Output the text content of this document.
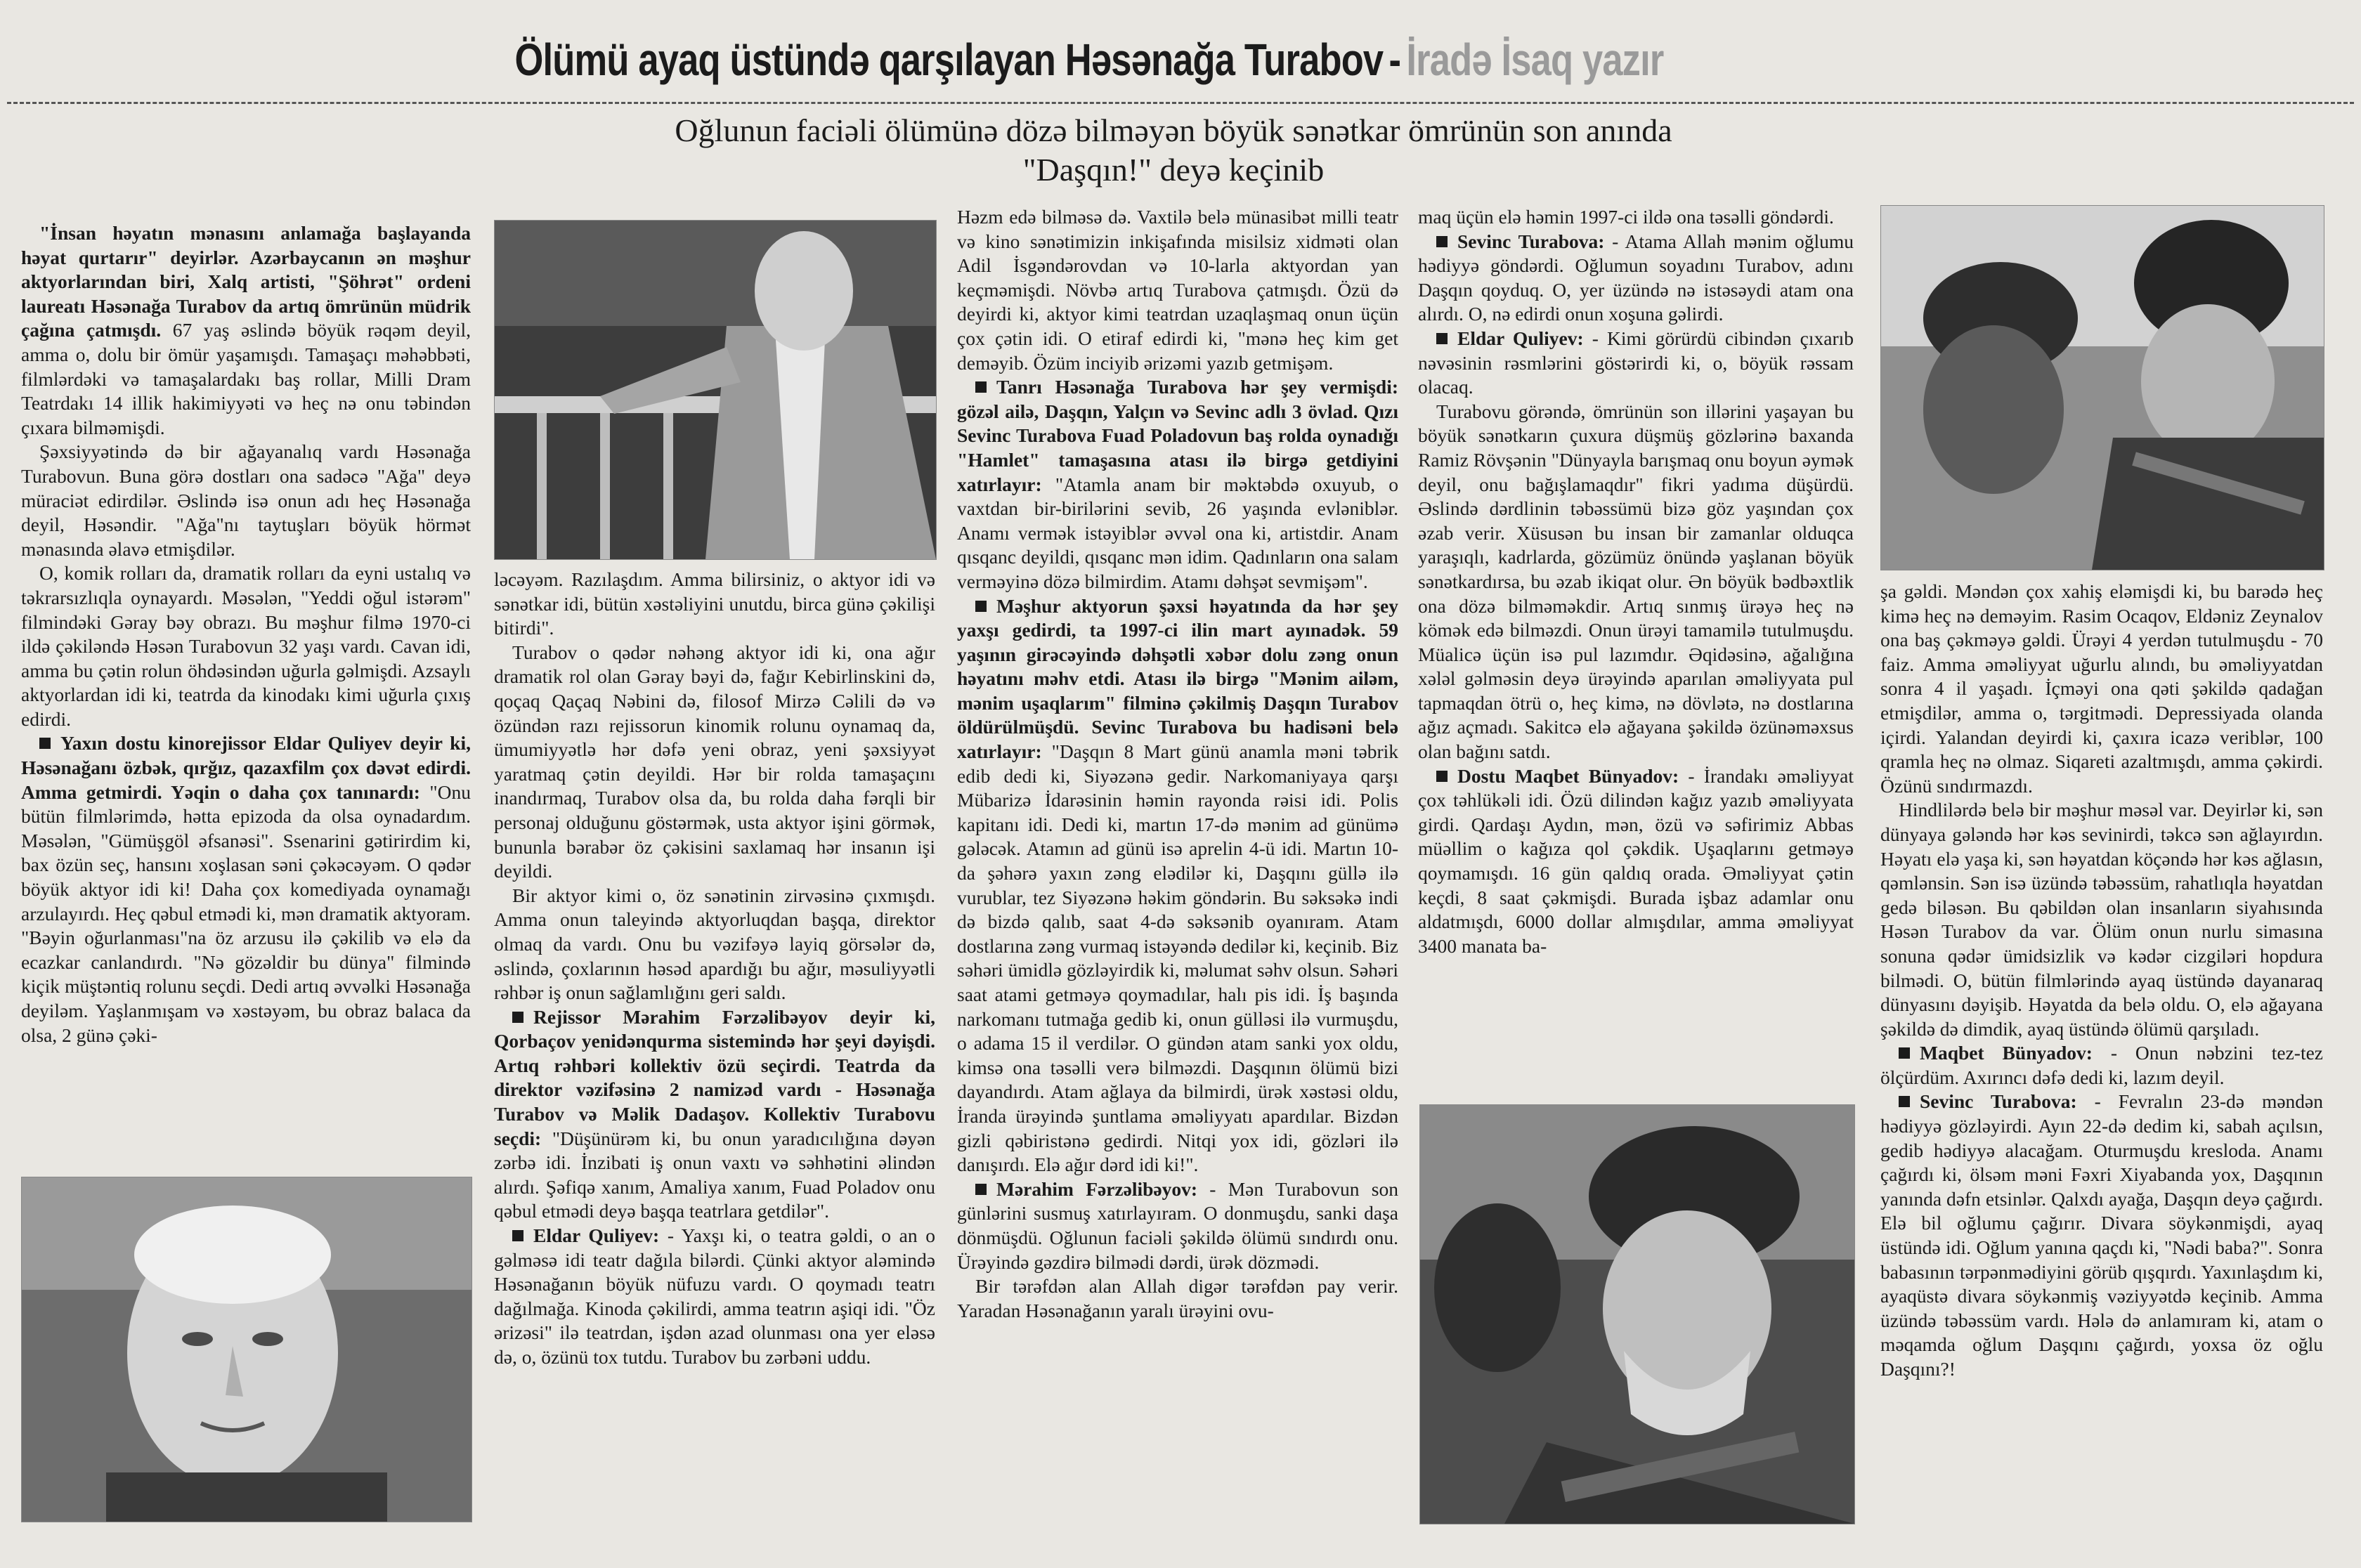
Ölümü ayaq üstündə qarşılayan Həsənağa Turabov - İradə İsaq yazır
Oğlunun faciəli ölümünə dözə bilməyən böyük sənətkar ömrünün son anında
"Daşqın!" deyə keçinib

"İnsan həyatın mənasını anlamağa başlayanda həyat qurtarır" deyirlər. Azərbaycanın ən məşhur aktyorlarından biri, Xalq artisti, "Şöhrət" ordeni laureatı Həsənağa Turabov da artıq ömrünün müdrik çağına çatmışdı. 67 yaş əslində böyük rəqəm deyil, amma o, dolu bir ömür yaşamışdı. Tamaşaçı məhəbbəti, filmlərdəki və tamaşalardakı baş rollar, Milli Dram Teatrdakı 14 illik hakimiyyəti və heç nə onu təbindən çıxara bilməmişdi.

Şəxsiyyətində də bir ağayanalıq vardı Həsənağa Turabovun. Buna görə dostları ona sadəcə "Ağa" deyə müraciət edirdilər. Əslində isə onun adı heç Həsənağa deyil, Həsəndir. "Ağa"nı taytuşları böyük hörmət mənasında əlavə etmişdilər.

O, komik rolları da, dramatik rolları da eyni ustalıq və təkrarsızlıqla oynayardı. Məsələn, "Yeddi oğul istərəm" filmindəki Gəray bəy obrazı. Bu məşhur filmə 1970-ci ildə çəkiləndə Həsən Turabovun 32 yaşı vardı. Cavan idi, amma bu çətin rolun öhdəsindən uğurla gəlmişdi. Azsaylı aktyorlardan idi ki, teatrda da kinodakı kimi uğurla çıxış edirdi.

Yaxın dostu kinorejissor Eldar Quliyev deyir ki, Həsənağanı özbək, qırğız, qazaxfilm çox dəvət edirdi. Amma getmirdi. Yəqin o daha çox tanınardı: "Onu bütün filmlərimdə, hətta epizoda da olsa oynadardım. Məsələn, "Gümüşgöl əfsanəsi". Ssenarini gətirirdim ki, bax özün seç, hansını xoşlasan səni çəkəcəyəm. O qədər böyük aktyor idi ki! Daha çox komediyada oynamağı arzulayırdı. Heç qəbul etmədi ki, mən dramatik aktyoram. "Bəyin oğurlanması"na öz arzusu ilə çəkilib və elə da ecazkar canlandırdı. "Nə gözəldir bu dünya" filmində kiçik müştəntiq rolunu seçdi. Dedi artıq əvvəlki Həsənağa deyiləm. Yaşlanmışam və xəstəyəm, bu obraz balaca da olsa, 2 günə çəki-

ləcəyəm. Razılaşdım. Amma bilirsiniz, o aktyor idi və sənətkar idi, bütün xəstəliyini unutdu, birca günə çəkilişi bitirdi".

Turabov o qədər nəhəng aktyor idi ki, ona ağır dramatik rol olan Gəray bəyi də, fağır Kebirlinskini də, qoçaq Qaçaq Nəbini də, filosof Mirzə Cəlili də və özündən razı rejissorun kinomik rolunu oynamaq da, ümumiyyətlə hər dəfə yeni obraz, yeni şəxsiyyət yaratmaq çətin deyildi. Hər bir rolda tamaşaçını inandırmaq, Turabov olsa da, bu rolda daha fərqli bir personaj olduğunu göstərmək, usta aktyor işini görmək, bununla bərabər öz çəkisini saxlamaq hər insanın işi deyildi.

Bir aktyor kimi o, öz sənətinin zirvəsinə çıxmışdı. Amma onun taleyində aktyorluqdan başqa, direktor olmaq da vardı. Onu bu vəzifəyə layiq görsələr də, əslində, çoxlarının həsəd apardığı bu ağır, məsuliyyətli rəhbər iş onun sağlamlığını geri saldı.

Rejissor Mərahim Fərzəlibəyov deyir ki, Qorbaçov yenidənqurma sistemində hər şeyi dəyişdi. Artıq rəhbəri kollektiv özü seçirdi. Teatrda da direktor vəzifəsinə 2 namizəd vardı - Həsənağa Turabov və Məlik Dadaşov. Kollektiv Turabovu seçdi: "Düşünürəm ki, bu onun yaradıcılığına dəyən zərbə idi. İnzibati iş onun vaxtı və səhhətini əlindən alırdı. Şəfiqə xanım, Amaliya xanım, Fuad Poladov onu qəbul etmədi deyə başqa teatrlara getdilər".

Eldar Quliyev: - Yaxşı ki, o teatra gəldi, o an o gəlməsə idi teatr dağıla bilərdi. Çünki aktyor aləmində Həsənağanın böyük nüfuzu vardı. O qoymadı teatrı dağılmağa. Kinoda çəkilirdi, amma teatrın aşiqi idi. "Öz ərizəsi" ilə teatrdan, işdən azad olunması ona yer eləsə də, o, özünü tox tutdu. Turabov bu zərbəni uddu.

Həzm edə bilməsə də. Vaxtilə belə münasibət milli teatr və kino sənətimizin inkişafında misilsiz xidməti olan Adil İsgəndərovdan və 10-larla aktyordan yan keçməmişdi. Növbə artıq Turabova çatmışdı. Özü də deyirdi ki, aktyor kimi teatrdan uzaqlaşmaq onun üçün çox çətin idi. O etiraf edirdi ki, "mənə heç kim get deməyib. Özüm inciyib ərizəmi yazıb getmişəm.

Tanrı Həsənağa Turabova hər şey vermişdi: gözəl ailə, Daşqın, Yalçın və Sevinc adlı 3 övlad. Qızı Sevinc Turabova Fuad Poladovun baş rolda oynadığı "Hamlet" tamaşasına atası ilə birgə getdiyini xatırlayır: "Atamla anam bir məktəbdə oxuyub, o vaxtdan bir-birilərini sevib, 26 yaşında evləniblər. Anamı vermək istəyiblər əvvəl ona ki, artistdir. Anam qısqanc deyildi, qısqanc mən idim. Qadınların ona salam verməyinə dözə bilmirdim. Atamı dəhşət sevmişəm".

Məşhur aktyorun şəxsi həyatında da hər şey yaxşı gedirdi, ta 1997-ci ilin mart ayınadək. 59 yaşının girəcəyində dəhşətli xəbər dolu zəng onun həyatını məhv etdi. Atası ilə birgə "Mənim ailəm, mənim uşaqlarım" filminə çəkilmiş Daşqın Turabov öldürülmüşdü. Sevinc Turabova bu hadisəni belə xatırlayır: "Daşqın 8 Mart günü anamla məni təbrik edib dedi ki, Siyəzənə gedir. Narkomaniyaya qarşı Mübarizə İdarəsinin həmin rayonda rəisi idi. Polis kapitanı idi. Dedi ki, martın 17-də mənim ad günümə gələcək. Atamın ad günü isə aprelin 4-ü idi. Martın 10-da şəhərə yaxın zəng elədilər ki, Daşqını güllə ilə vurublar, tez Siyəzənə həkim göndərin. Bu səksəkə indi də bizdə qalıb, saat 4-də səksənib oyanıram. Atam dostlarına zəng vurmaq istəyəndə dedilər ki, keçinib. Biz səhəri ümidlə gözləyirdik ki, məlumat səhv olsun. Səhəri saat atami getməyə qoymadılar, halı pis idi. İş başında narkomanı tutmağa gedib ki, onun gülləsi ilə vurmuşdu, o adama 15 il verdilər. O gündən atam sanki yox oldu, kimsə ona təsəlli verə bilməzdi. Daşqının ölümü bizi dayandırdı. Atam ağlaya da bilmirdi, ürək xəstəsi oldu, İranda ürəyində şuntlama əməliyyatı apardılar. Bizdən gizli qəbiristənə gedirdi. Nitqi yox idi, gözləri ilə danışırdı. Elə ağır dərd idi ki!".

Mərahim Fərzəlibəyov: - Mən Turabovun son günlərini susmuş xatırlayıram. O donmuşdu, sanki daşa dönmüşdü. Oğlunun faciəli şəkildə ölümü sındırdı onu. Ürəyində gəzdirə bilmədi dərdi, ürək dözmədi.

Bir tərəfdən alan Allah digər tərəfdən pay verir. Yaradan Həsənağanın yaralı ürəyini ovu-

maq üçün elə həmin 1997-ci ildə ona təsəlli göndərdi.

Sevinc Turabova: - Atama Allah mənim oğlumu hədiyyə göndərdi. Oğlumun soyadını Turabov, adını Daşqın qoyduq. O, yer üzündə nə istəsəydi atam ona alırdı. O, nə edirdi onun xoşuna gəlirdi.

Eldar Quliyev: - Kimi görürdü cibindən çıxarıb nəvəsinin rəsmlərini göstərirdi ki, o, böyük rəssam olacaq.

Turabovu görəndə, ömrünün son illərini yaşayan bu böyük sənətkarın çuxura düşmüş gözlərinə baxanda Ramiz Rövşənin "Dünyayla barışmaq onu boyun əymək deyil, onu bağışlamaqdır" fikri yadıma düşürdü. Əslində dərdlinin təbəssümü bizə göz yaşından çox əzab verir. Xüsusən bu insan bir zamanlar olduqca yaraşıqlı, kadrlarda, gözümüz önündə yaşlanan böyük sənətkardırsa, bu əzab ikiqat olur. Ən böyük bədbəxtlik ona dözə bilməməkdir. Artıq sınmış ürəyə heç nə kömək edə bilməzdi. Onun ürəyi tamamilə tutulmuşdu. Müalicə üçün isə pul lazımdır. Əqidəsinə, ağalığına xələl gəlməsin deyə ürəyində aparılan əməliyyata pul tapmaqdan ötrü o, heç kimə, nə dövlətə, nə dostlarına ağız açmadı. Sakitcə elə ağayana şəkildə özünəməxsus olan bağını satdı.

Dostu Maqbet Bünyadov: - İrandakı əməliyyat çox təhlükəli idi. Özü dilindən kağız yazıb əməliyyata girdi. Qardaşı Aydın, mən, özü və səfirimiz Abbas müəllim o kağıza qol çəkdik. Uşaqlarını getməyə qoymamışdı. 16 gün qaldıq orada. Əməliyyat çətin keçdi, 8 saat çəkmişdi. Burada işbaz adamlar onu aldatmışdı, 6000 dollar almışdılar, amma əməliyyat 3400 manata ba-

şa gəldi. Məndən çox xahiş eləmişdi ki, bu barədə heç kimə heç nə deməyim. Rasim Ocaqov, Eldəniz Zeynalov ona baş çəkməyə gəldi. Ürəyi 4 yerdən tutulmuşdu - 70 faiz. Amma əməliyyat uğurlu alındı, bu əməliyyatdan sonra 4 il yaşadı. İçməyi ona qəti şəkildə qadağan etmişdilər, amma o, tərgitmədi. Depressiyada olanda içirdi. Yalandan deyirdi ki, çaxıra icazə veriblər, 100 qramla heç nə olmaz. Siqareti azaltmışdı, amma çəkirdi. Özünü sındırmazdı.

Hindlilərdə belə bir məşhur məsəl var. Deyirlər ki, sən dünyaya gələndə hər kəs sevinirdi, təkcə sən ağlayırdın. Həyatı elə yaşa ki, sən həyatdan köçəndə hər kəs ağlasın, qəmlənsin. Sən isə üzündə təbəssüm, rahatlıqla həyatdan gedə biləsən. Bu qəbildən olan insanların siyahısında Həsən Turabov da var. Ölüm onun nurlu simasına sonuna qədər ümidsizlik və kədər cizgiləri hopdura bilmədi. O, bütün filmlərində ayaq üstündə dayanaraq dünyasını dəyişib. Həyatda da belə oldu. O, elə ağayana şəkildə də dimdik, ayaq üstündə ölümü qarşıladı.

Maqbet Bünyadov: - Onun nəbzini tez-tez ölçürdüm. Axırıncı dəfə dedi ki, lazım deyil.

Sevinc Turabova: - Fevralın 23-də məndən hədiyyə gözləyirdi. Ayın 22-də dedim ki, sabah açılsın, gedib hədiyyə alacağam. Oturmuşdu kresloda. Anamı çağırdı ki, ölsəm məni Fəxri Xiyabanda yox, Daşqının yanında dəfn etsinlər. Qalxdı ayağa, Daşqın deyə çağırdı. Elə bil oğlumu çağırır. Divara söykənmişdi, ayaq üstündə idi. Oğlum yanına qaçdı ki, "Nədi baba?". Sonra babasının tərpənmədiyini görüb qışqırdı. Yaxınlaşdım ki, ayaqüstə divara söykənmiş vəziyyətdə keçinib. Amma üzündə təbəssüm vardı. Hələ də anlamıram ki, atam o məqamda oğlum Daşqını çağırdı, yoxsa öz oğlu Daşqını?!
